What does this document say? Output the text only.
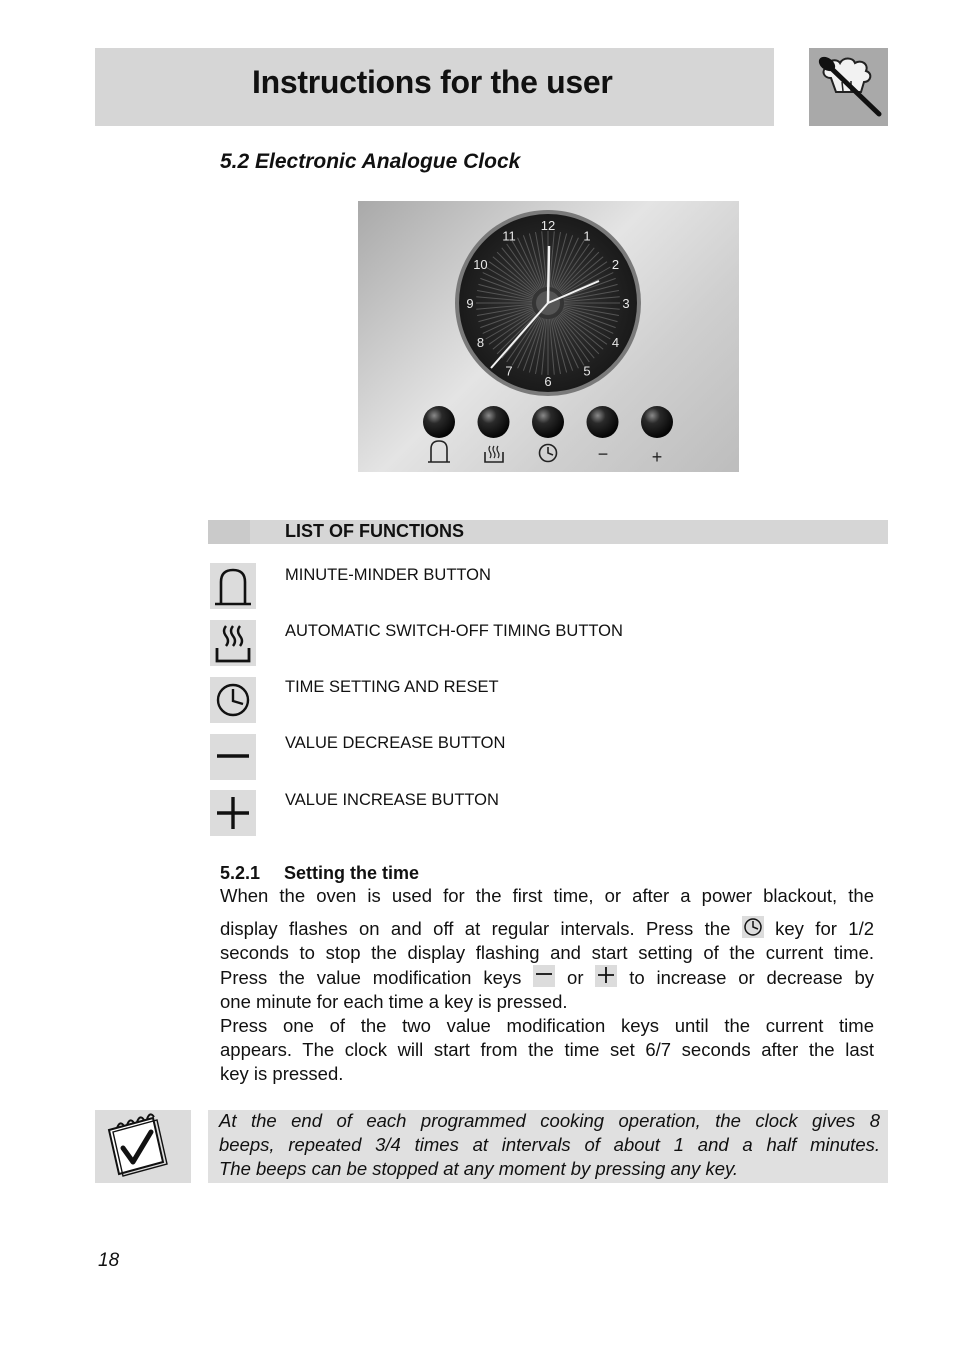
Instructions for the user
5.2 Electronic Analogue Clock
12
1
2
3
4
5
6
7
8
9
10
11
− +
LIST OF FUNCTIONS
MINUTE-MINDER BUTTON
AUTOMATIC SWITCH-OFF TIMING BUTTON
TIME SETTING AND RESET
VALUE DECREASE BUTTON
VALUE INCREASE BUTTON
5.2.1 Setting the time
When the oven is used for the first time, or after a power blackout, the
display flashes on and off at regular intervals. Press the key for 1/2
seconds to stop the display flashing and start setting of the current time.
Press the value modification keys or to increase or decrease by
one minute for each time a key is pressed.
Press one of the two value modification keys until the current time
appears. The clock will start from the time set 6/7 seconds after the last
key is pressed.
At the end of each programmed cooking operation, the clock gives 8
beeps, repeated 3/4 times at intervals of about 1 and a half minutes.
The beeps can be stopped at any moment by pressing any key.
18
